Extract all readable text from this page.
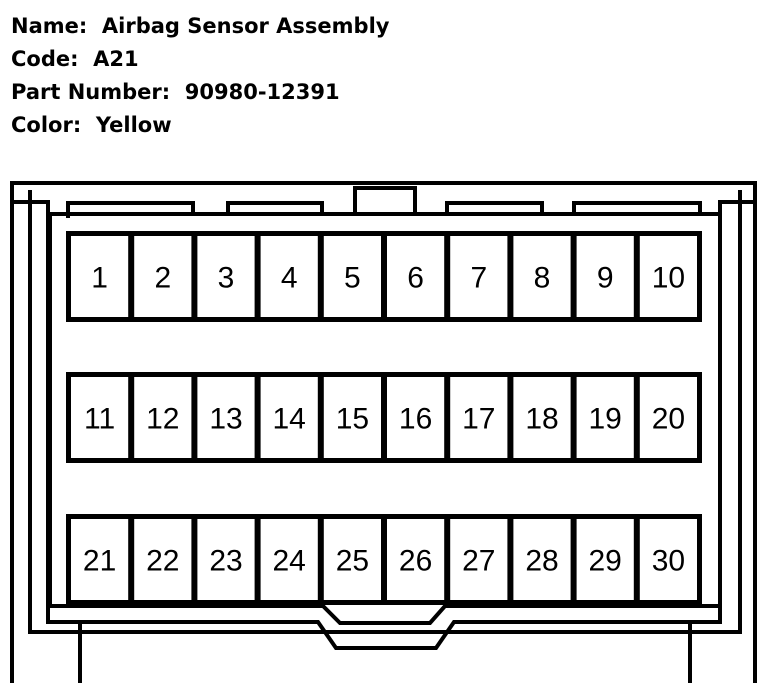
Name: Airbag Sensor Assembly
Code: A21
Part Number: 90980-12391
Color: Yellow
1 2 3 4 5 6 7 8 9 10
11 12 13 14 15 16 17 18 19 20
21 22 23 24 25 26 27 28 29 30
